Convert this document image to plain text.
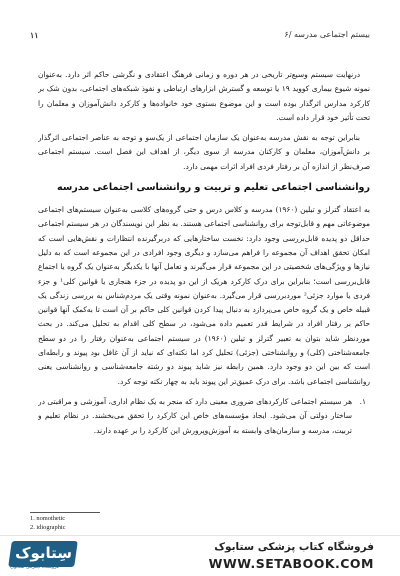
۱۱	۶/ بیستم اجتماعی مدرسه

درنهایت سیستم وسیع‌تر تاریخی در هر دوره و زمانی فرهنگ اعتقادی و نگرشی حاکم اثر دارد. به‌عنوان نمونه شیوع بیماری کووید ۱۹ یا توسعه و گسترش ابزارهای ارتباطی و نفوذ شبکه‌های اجتماعی، بدون شک بر کارکرد مدارس اثرگذار بوده است و این موضوع بستوی خود خانواده‌ها و کارکرد دانش‌آموزان و معلمان را تحت تأثیر خود قرار داده است.

بنابراین توجه به نقش مدرسه به‌عنوان یک سازمان اجتماعی از یک‌سو و توجه به عناصر اجتماعی اثرگذار بر دانش‌آموزان، معلمان و کارکنان مدرسه از سوی دیگر، از اهداف این فصل است. سیستم اجتماعی صرف‌نظر از اندازه آن بر رفتار فردی افراد اثرات مهمی دارد.

روانشناسی اجتماعی تعلیم و تربیت و روانشناسی اجتماعی مدرسه

به اعتقاد گترلز و تیلین (۱۹۶۰) مدرسه و کلاس درس و حتی گروه‌های کلاسی به‌عنوان سیستم‌های اجتماعی موضوعاتی مهم و قابل‌توجه برای روانشناسی اجتماعی هستند. به نظر این نویسندگان در هر سیستم اجتماعی حداقل دو پدیده قابل‌بررسی وجود دارد: نخست ساختارهایی که دربرگیرنده انتظارات و نقش‌هایی است که امکان تحقق اهداف آن مجموعه را فراهم می‌سازد و دیگری وجود افرادی در این مجموعه است که به دلیل نیازها و ویژگی‌های شخصیتی در این مجموعه قرار می‌گیرند و تعامل آنها با یکدیگر به‌عنوان یک گروه یا اجتماع قابل‌بررسی است؛ بنابراین برای درک کارکرد هریک از این دو پدیده در جزء هنجاری یا قوانین کلی¹ و جزء فردی یا موارد جزئی² موردبررسی قرار می‌گیرد. به‌عنوان نمونه وقتی یک مردم‌شناس به بررسی زندگی یک قبیله خاص و یک گروه خاص می‌پردازد به دنبال پیدا کردن قوانین کلی حاکم بر آن است تا به‌کمک آنها قوانین حاکم بر رفتار افراد در شرایط قدر تعمیم داده می‌شود، در سطح کلی اقدام به تحلیل می‌کند. در بحث موردنظر شاید بتوان به تعبیر گترلز و تیلین (۱۹۶۰) در سیستم اجتماعی به‌عنوان رفتار را در دو سطح جامعه‌شناختی (کلی) و روانشناختی (جزئی) تحلیل کرد اما نکته‌ای که نباید از آن غافل بود پیوند و رابطه‌ای است که بین این دو وجود دارد. همین رابطه نیز شاید پیوند دو رشته جامعه‌شناسی و روانشناسی یعنی روانشناسی اجتماعی باشد. برای درک عمیق‌تر این پیوند باید به چهار نکته توجه کرد.

۱.
هر سیستم اجتماعی کارکردهای ضروری معینی دارد که منجر به یک نظام اداری، آموزشی و مراقبتی در ساختار دولتی آن می‌شود. ایجاد مؤسسه‌های خاص این کارکرد را تحقق می‌بخشند. در نظام تعلیم و تربیت، مدرسه و سازمان‌های وابسته به آموزش‌وپرورش این کارکرد را بر عهده دارند.
1. nomothetic
2. idiographic
سِتابوک
فروشگاه اینترنتی ستابوک
فروشگاه کتاب پزشکی ستابوک
WWW.SETABOOK.COM
